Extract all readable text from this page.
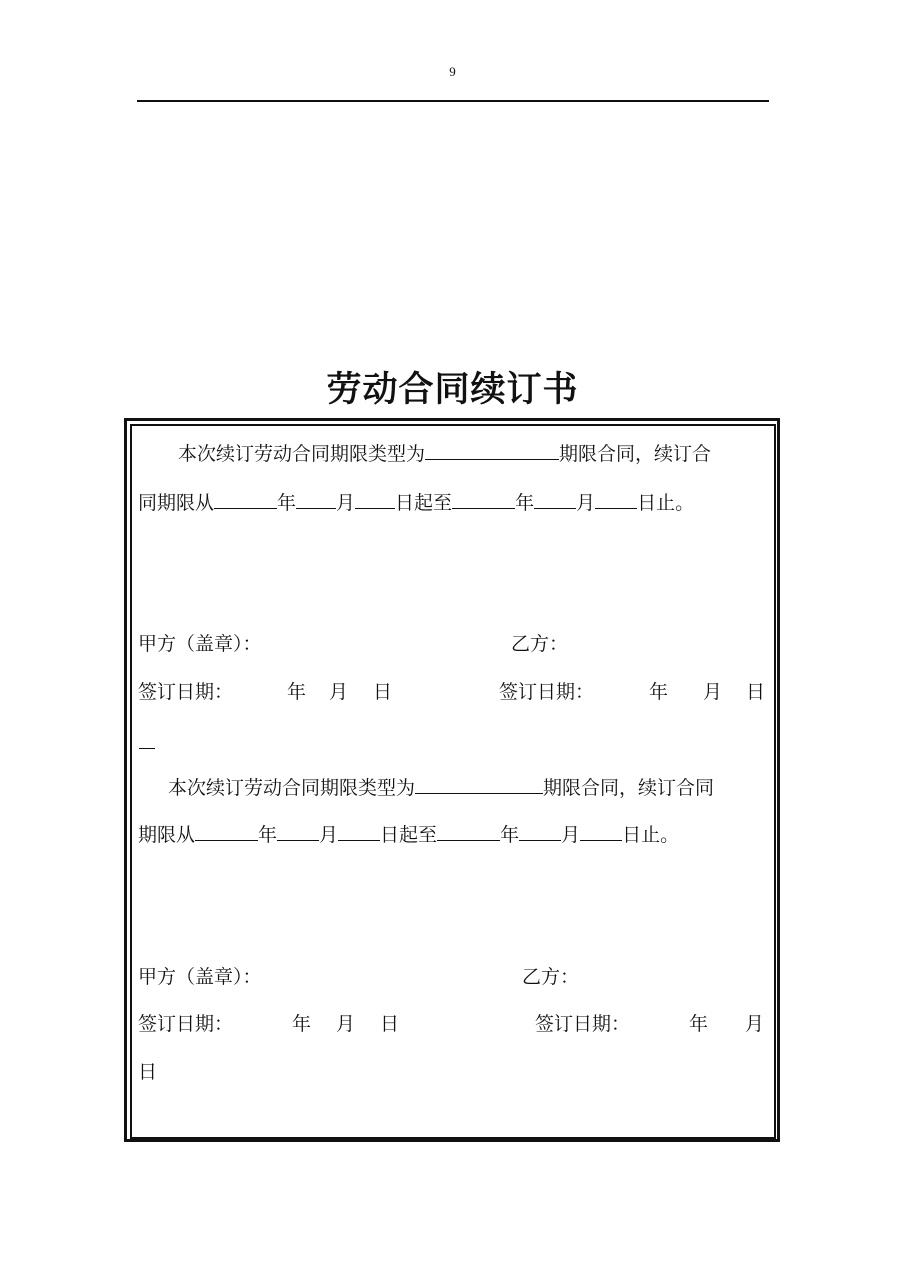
9
劳动合同续订书
本次续订劳动合同期限类型为	期限合同，续订合
同期限从	年 月 日起至	年 月 日止。
甲方（盖章）：	乙方：
签订日期：	年 月 日	签订日期：	年 月 日
本次续订劳动合同期限类型为	期限合同，续订合同
期限从	年 月 日起至	年 月 日止。
甲方（盖章）：	乙方：
签订日期：	年 月 日	签订日期：	年 月
日
